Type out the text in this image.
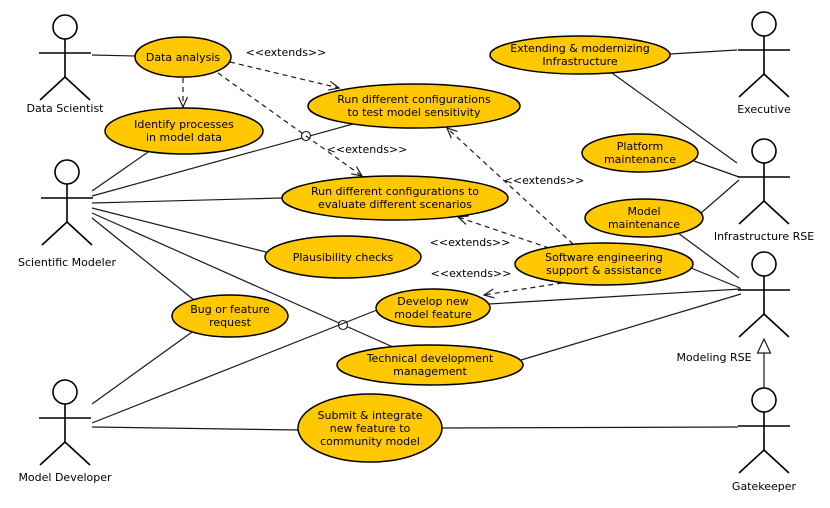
<<extends>>
<<extends>>
<<extends>>
<<extends>>
<<extends>>
Data analysis
Identify processes
in model data
Run different configurations
to test model sensitivity
Extending & modernizing
Infrastructure
Platform
maintenance
Model
maintenance
Run different configurations to
evaluate different scenarios
Plausibility checks	Software engineering
support & assistance
Bug or feature
request
Develop new
model feature
Technical development
management
Submit & integrate
new feature to
community model
Data Scientist	Executive
Scientific Modeler
Infrastructure RSE
Modeling RSE
Model Developer
Gatekeeper
